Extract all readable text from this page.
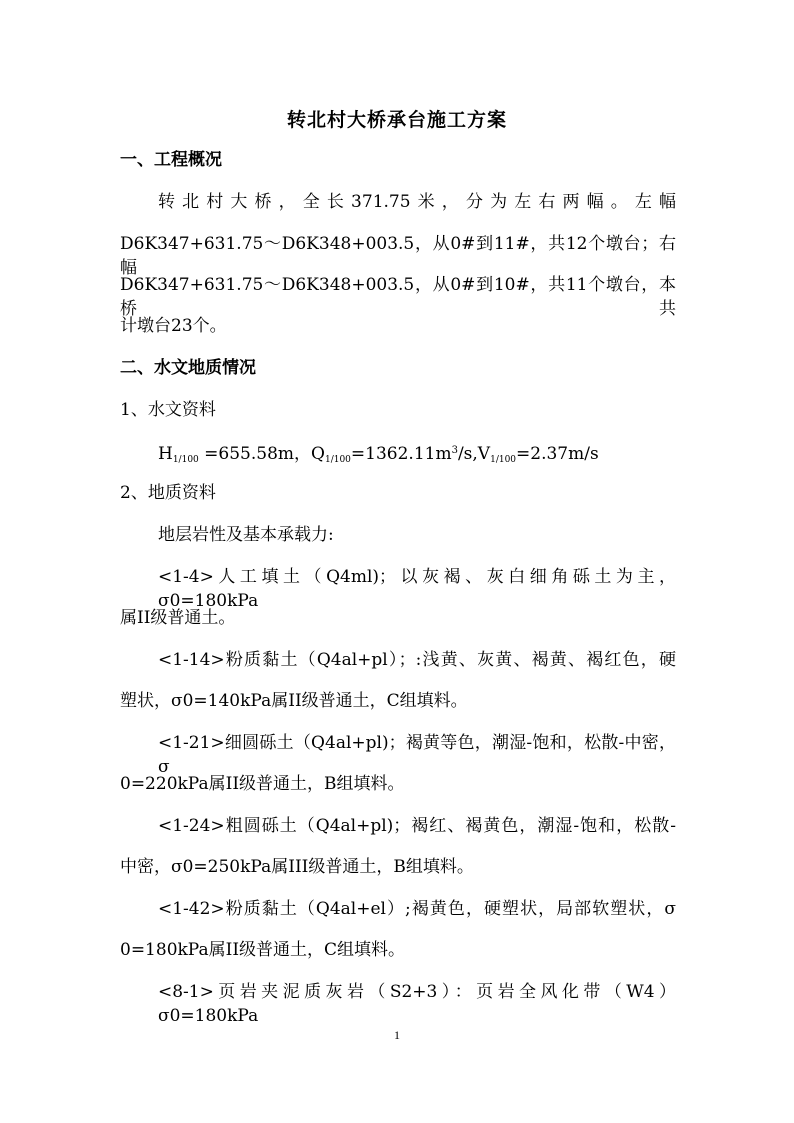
转北村大桥承台施工方案
一、工程概况
转北村大桥，全长371.75米，分为左右两幅。左幅
D6K347+631.75～D6K348+003.5，从0#到11#，共12个墩台；右幅
D6K347+631.75～D6K348+003.5，从0#到10#，共11个墩台，本桥共
计墩台23个。
二、水文地质情况
1、水文资料
$H_{1/100} =655.58m$，$Q_{1/100}=1362.11m^3/s,V_{1/100}=2.37m/s$
2、地质资料
地层岩性及基本承载力:
<1-4>人工填土（Q4ml)；以灰褐、灰白细角砾土为主，σ0=180kPa
属II级普通土。
<1-14>粉质黏土（Q4al+pl）；:浅黄、灰黄、褐黄、褐红色，硬
塑状，σ0=140kPa属II级普通土，C组填料。
<1-21>细圆砾土（Q4al+pl)；褐黄等色，潮湿-饱和，松散-中密，σ
0=220kPa属II级普通土，B组填料。
<1-24>粗圆砾土（Q4al+pl)；褐红、褐黄色，潮湿-饱和，松散-
中密，σ0=250kPa属III级普通土，B组填料。
<1-42>粉质黏土（Q4al+el）;褐黄色，硬塑状，局部软塑状，σ
0=180kPa属II级普通土，C组填料。
<8-1>页岩夹泥质灰岩（S2+3）：页岩全风化带（W4）σ0=180kPa
1
